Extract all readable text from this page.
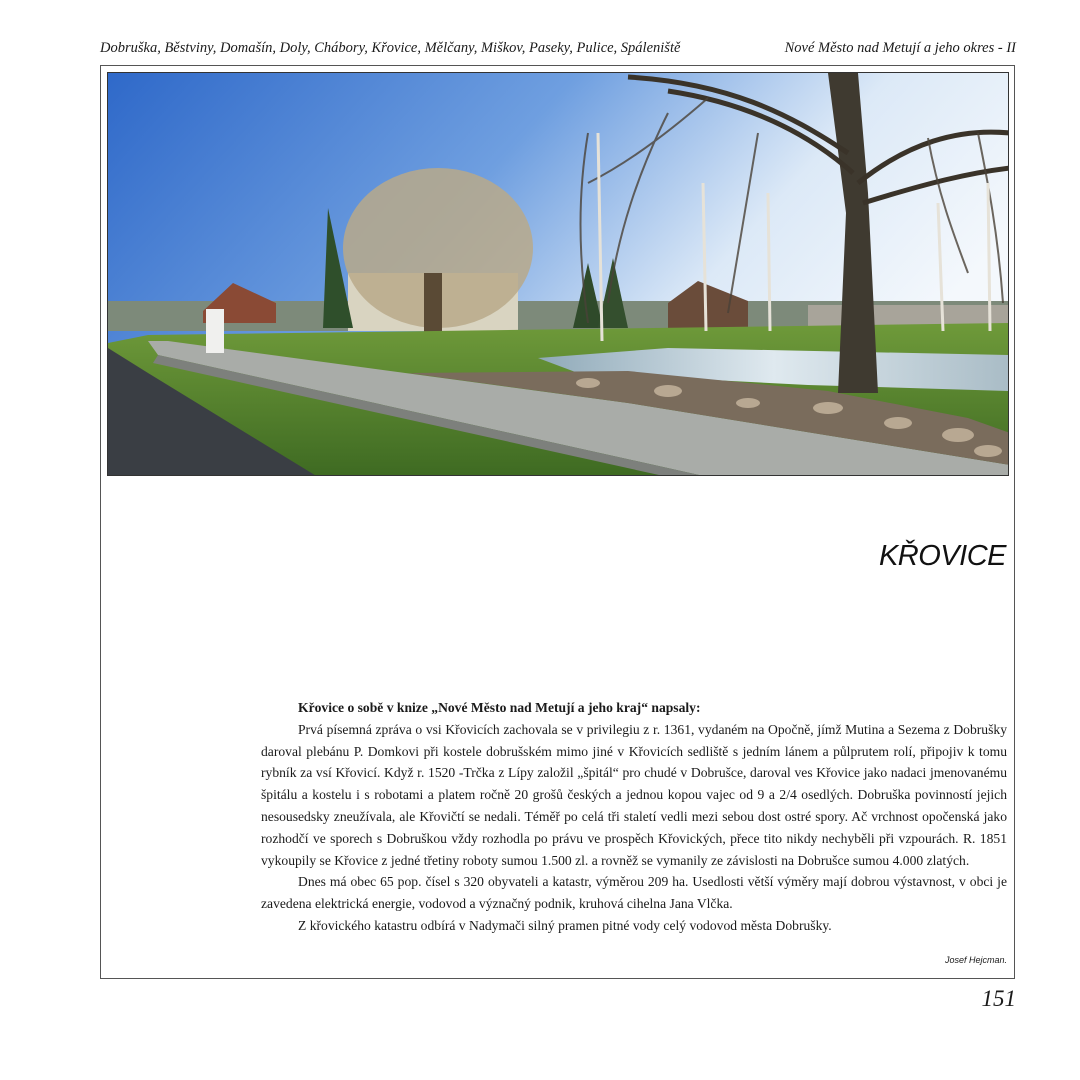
Dobruška, Běstviny, Domašín, Doly, Chábory, Křovice, Mělčany, Miškov, Paseky, Pulice, Spáleniště	Nové Město nad Metují a jeho okres - II
KŘOVICE

Křovice o sobě v knize „Nové Město nad Metují a jeho kraj“ napsaly:

Prvá písemná zpráva o vsi Křovicích zachovala se v privilegiu z r. 1361, vydaném na Opočně, jímž Mutina a Sezema z Dobrušky daroval plebánu P. Domkovi při kostele dobrušském mimo jiné v Křovicích sedliště s jedním lánem a půlprutem rolí, připojiv k tomu rybník za vsí Křovicí. Když r. 1520 -Trčka z Lípy založil „špitál“ pro chudé v Dobrušce, daroval ves Křovice jako nadaci jmenovanému špitálu a kostelu i s robotami a platem ročně 20 grošů českých a jednou kopou vajec od 9 a 2/4 osedlých. Dobruška povinností jejich nesousedsky zneužívala, ale Křovičtí se nedali. Téměř po celá tři staletí vedli mezi sebou dost ostré spory. Ač vrchnost opočenská jako rozhodčí ve sporech s Dobruškou vždy rozhodla po právu ve prospěch Křovických, přece tito nikdy nechyběli při vzpourách. R. 1851 vykoupily se Křovice z jedné třetiny roboty sumou 1.500 zl. a rovněž se vymanily ze závislosti na Dobrušce sumou 4.000 zlatých.

Dnes má obec 65 pop. čísel s 320 obyvateli a katastr, výměrou 209 ha. Usedlosti větší výměry mají dobrou výstavnost, v obci je zavedena elektrická energie, vodovod a význačný podnik, kruhová cihelna Jana Vlčka.

Z křovického katastru odbírá v Nadymači silný pramen pitné vody celý vodovod města Dobrušky.

Josef Hejcman.
151
